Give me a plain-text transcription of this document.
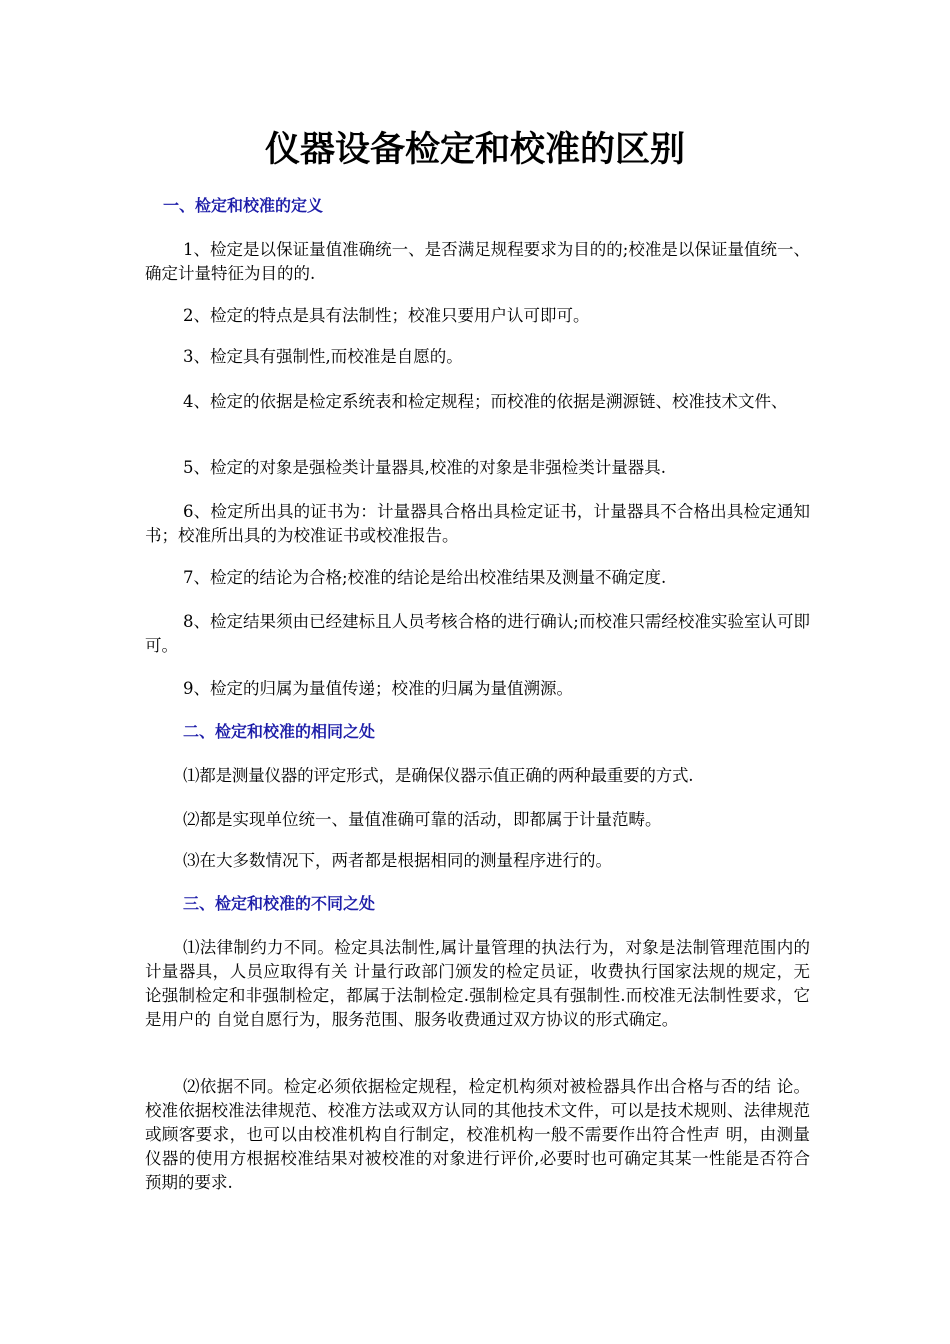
仪器设备检定和校准的区别
一、检定和校准的定义

1、检定是以保证量值准确统一、是否满足规程要求为目的的;校准是以保证量值统一、确定计量特征为目的的.

2、检定的特点是具有法制性；校准只要用户认可即可。

3、检定具有强制性,而校准是自愿的。

4、检定的依据是检定系统表和检定规程；而校准的依据是溯源链、校准技术文件、

5、检定的对象是强检类计量器具,校准的对象是非强检类计量器具.

6、检定所出具的证书为：计量器具合格出具检定证书，计量器具不合格出具检定通知书；校准所出具的为校准证书或校准报告。

7、检定的结论为合格;校准的结论是给出校准结果及测量不确定度.

8、检定结果须由已经建标且人员考核合格的进行确认;而校准只需经校准实验室认可即可。

9、检定的归属为量值传递；校准的归属为量值溯源。

二、检定和校准的相同之处

⑴都是测量仪器的评定形式，是确保仪器示值正确的两种最重要的方式.

⑵都是实现单位统一、量值准确可靠的活动，即都属于计量范畴。

⑶在大多数情况下，两者都是根据相同的测量程序进行的。

三、检定和校准的不同之处

⑴法律制约力不同。检定具法制性,属计量管理的执法行为，对象是法制管理范围内的计量器具，人员应取得有关 计量行政部门颁发的检定员证，收费执行国家法规的规定，无论强制检定和非强制检定，都属于法制检定.强制检定具有强制性.而校准无法制性要求，它是用户的 自觉自愿行为，服务范围、服务收费通过双方协议的形式确定。

⑵依据不同。检定必须依据检定规程，检定机构须对被检器具作出合格与否的结 论。校准依据校准法律规范、校准方法或双方认同的其他技术文件，可以是技术规则、法律规范或顾客要求，也可以由校准机构自行制定，校准机构一般不需要作出符合性声 明，由测量仪器的使用方根据校准结果对被校准的对象进行评价,必要时也可确定其某一性能是否符合预期的要求.
